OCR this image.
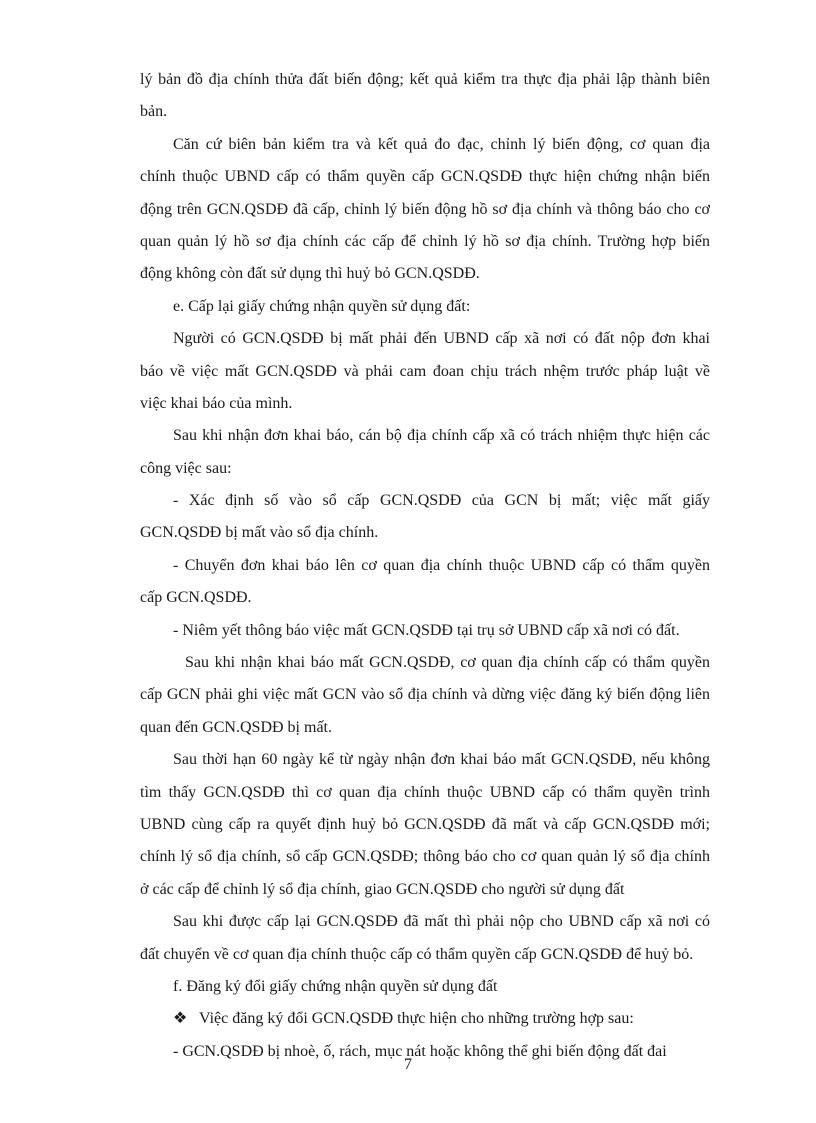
lý bản đồ địa chính thửa đất biến động; kết quả kiểm tra thực địa phải lập thành biên

bản.

Căn cứ biên bản kiểm tra và kết quả đo đạc, chỉnh lý biến động, cơ quan địa

chính thuộc UBND cấp có thẩm quyền cấp GCN.QSDĐ thực hiện chứng nhận biến

động trên GCN.QSDĐ đã cấp, chỉnh lý biến động hồ sơ địa chính và thông báo cho cơ

quan quản lý hồ sơ địa chính các cấp để chỉnh lý hồ sơ địa chính. Trường hợp biến

động không còn đất sử dụng thì huỷ bỏ GCN.QSDĐ.

e. Cấp lại giấy chứng nhận quyền sử dụng đất:

Người có GCN.QSDĐ bị mất phải đến UBND cấp xã nơi có đất nộp đơn khai

báo về việc mất GCN.QSDĐ và phải cam đoan chịu trách nhệm trước pháp luật về

việc khai báo của mình.

Sau khi nhận đơn khai báo, cán bộ địa chính cấp xã có trách nhiệm thực hiện các

công việc sau:

- Xác định số vào sổ cấp GCN.QSDĐ của GCN bị mất; việc mất giấy

GCN.QSDĐ bị mất vào sổ địa chính.

- Chuyển đơn khai báo lên cơ quan địa chính thuộc UBND cấp có thẩm quyền

cấp GCN.QSDĐ.

- Niêm yết thông báo việc mất GCN.QSDĐ tại trụ sở UBND cấp xã nơi có đất.

Sau khi nhận khai báo mất GCN.QSDĐ, cơ quan địa chính cấp có thẩm quyền

cấp GCN phải ghi việc mất GCN vào sổ địa chính và dừng việc đăng ký biến động liên

quan đến GCN.QSDĐ bị mất.

Sau thời hạn 60 ngày kể từ ngày nhận đơn khai báo mất GCN.QSDĐ, nếu không

tìm thấy GCN.QSDĐ thì cơ quan địa chính thuộc UBND cấp có thẩm quyền trình

UBND cùng cấp ra quyết định huỷ bỏ GCN.QSDĐ đã mất và cấp GCN.QSDĐ mới;

chính lý sổ địa chính, sổ cấp GCN.QSDĐ; thông báo cho cơ quan quản lý sổ địa chính

ở các cấp để chỉnh lý sổ địa chính, giao GCN.QSDĐ cho người sử dụng đất

Sau khi được cấp lại GCN.QSDĐ đã mất thì phải nộp cho UBND cấp xã nơi có

đất chuyển về cơ quan địa chính thuộc cấp có thẩm quyền cấp GCN.QSDĐ để huỷ bỏ.

f. Đăng ký đổi giấy chứng nhận quyền sử dụng đất

❖ Việc đăng ký đổi GCN.QSDĐ thực hiện cho những trường hợp sau:

- GCN.QSDĐ bị nhoè, ố, rách, mục nát hoặc không thể ghi biến động đất đai

7
